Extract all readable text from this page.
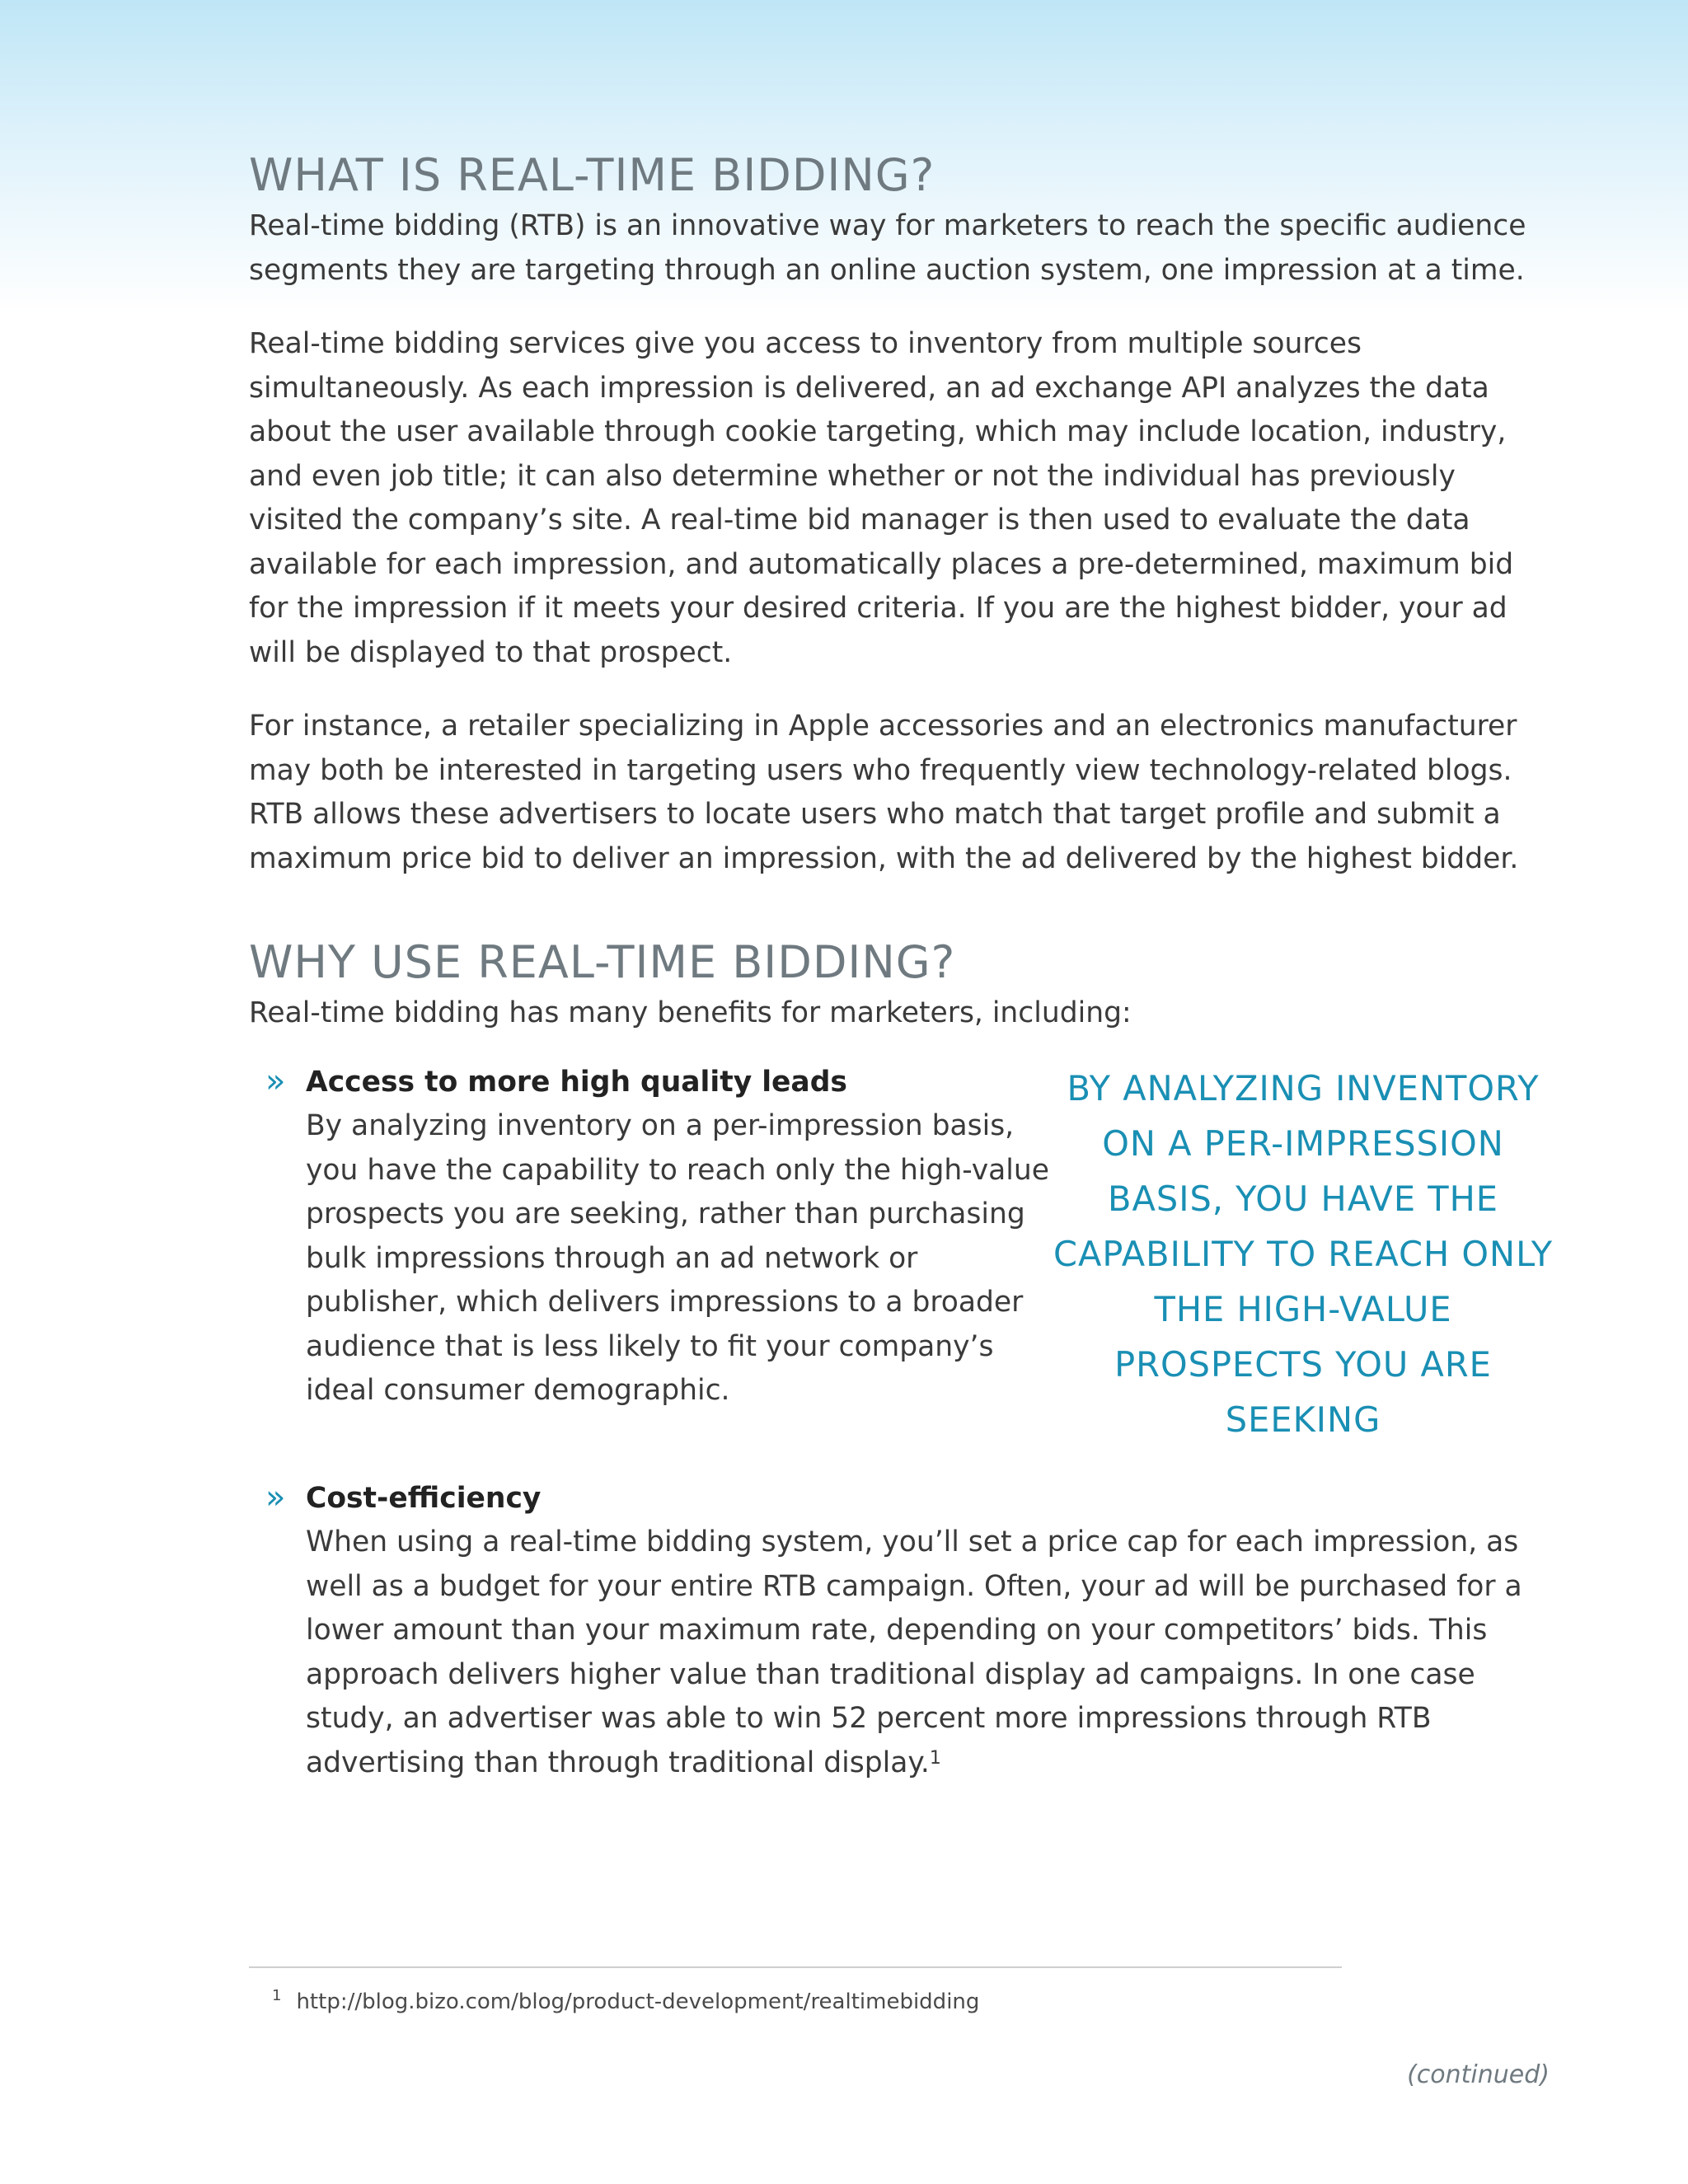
WHAT IS REAL-TIME BIDDING?

Real-time bidding (RTB) is an innovative way for marketers to reach the specific audience segments they are targeting through an online auction system, one impression at a time.

Real-time bidding services give you access to inventory from multiple sources simultaneously. As each impression is delivered, an ad exchange API analyzes the data about the user available through cookie targeting, which may include location, industry, and even job title; it can also determine whether or not the individual has previously visited the company’s site. A real-time bid manager is then used to evaluate the data available for each impression, and automatically places a pre-determined, maximum bid for the impression if it meets your desired criteria. If you are the highest bidder, your ad will be displayed to that prospect.

For instance, a retailer specializing in Apple accessories and an electronics manufacturer may both be interested in targeting users who frequently view technology-related blogs. RTB allows these advertisers to locate users who match that target profile and submit a maximum price bid to deliver an impression, with the ad delivered by the highest bidder.

WHY USE REAL-TIME BIDDING?

Real-time bidding has many benefits for marketers, including:

» Access to more high quality leads

By analyzing inventory on a per-impression basis, you have the capability to reach only the high-value prospects you are seeking, rather than purchasing bulk impressions through an ad network or publisher, which delivers impressions to a broader audience that is less likely to fit your company’s ideal consumer demographic.

BY ANALYZING INVENTORY ON A PER-IMPRESSION BASIS, YOU HAVE THE CAPABILITY TO REACH ONLY THE HIGH-VALUE PROSPECTS YOU ARE SEEKING
» Cost-efficiency

When using a real-time bidding system, you’ll set a price cap for each impression, as well as a budget for your entire RTB campaign. Often, your ad will be purchased for a lower amount than your maximum rate, depending on your competitors’ bids. This approach delivers higher value than traditional display ad campaigns. In one case study, an advertiser was able to win 52 percent more impressions through RTB advertising than through traditional display.$^1$

$^1$ http://blog.bizo.com/blog/product-development/realtimebidding
(continued)
